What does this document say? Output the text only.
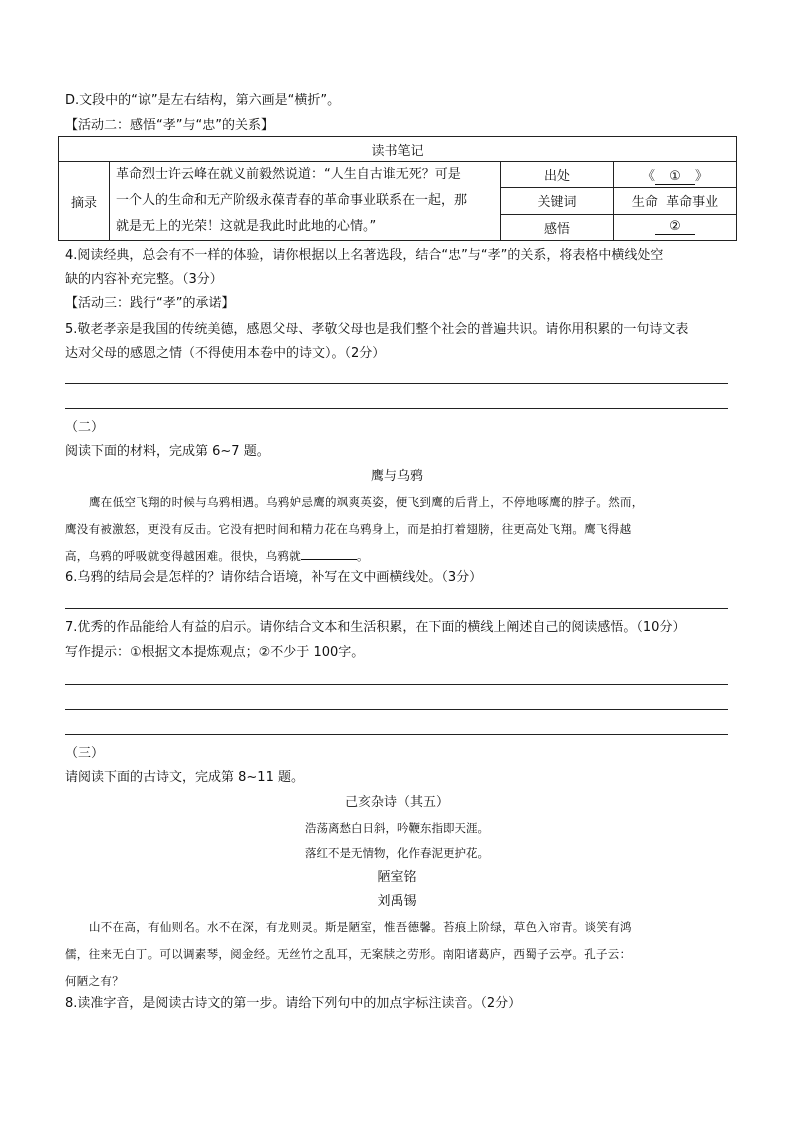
D.文段中的“谅”是左右结构，第六画是“横折”。
【活动二：感悟“孝”与“忠”的关系】
读书笔记			
摘录	革命烈士许云峰在就义前毅然说道：“人生自古谁无死？可是
一个人的生命和无产阶级永葆青春的革命事业联系在一起，那
就是无上的光荣！这就是我此时此地的心情。”	出处	《 ① 》
		关键词	生命  革命事业
		感悟	②
4.阅读经典，总会有不一样的体验，请你根据以上名著选段，结合“忠”与“孝”的关系，将表格中横线处空
缺的内容补充完整。（3分）
【活动三：践行“孝”的承诺】
5.敬老孝亲是我国的传统美德，感恩父母、孝敬父母也是我们整个社会的普遍共识。请你用积累的一句诗文表
达对父母的感恩之情（不得使用本卷中的诗文）。（2分）
（二）
阅读下面的材料，完成第 6~7 题。
鹰与乌鸦
鹰在低空飞翔的时候与乌鸦相遇。乌鸦妒忌鹰的飒爽英姿，便飞到鹰的后背上，不停地啄鹰的脖子。然而，
鹰没有被激怒，更没有反击。它没有把时间和精力花在乌鸦身上，而是拍打着翅膀，往更高处飞翔。鹰飞得越
高，乌鸦的呼吸就变得越困难。很快，乌鸦就	。
6.乌鸦的结局会是怎样的？请你结合语境，补写在文中画横线处。（3分）
7.优秀的作品能给人有益的启示。请你结合文本和生活积累，在下面的横线上阐述自己的阅读感悟。（10分）
写作提示：①根据文本提炼观点；②不少于 100字。
（三）
请阅读下面的古诗文，完成第 8~11 题。
己亥杂诗（其五）
浩荡离愁白日斜，吟鞭东指即天涯。
落红不是无情物，化作春泥更护花。
陋室铭
刘禹锡
山不在高，有仙则名。水不在深，有龙则灵。斯是陋室，惟吾德馨。苔痕上阶绿，草色入帘青。谈笑有鸿
儒，往来无白丁。可以调素琴，阅金经。无丝竹之乱耳，无案牍之劳形。南阳诸葛庐，西蜀子云亭。孔子云：
何陋之有？
8.读准字音，是阅读古诗文的第一步。请给下列句中的加点字标注读音。（2分）
